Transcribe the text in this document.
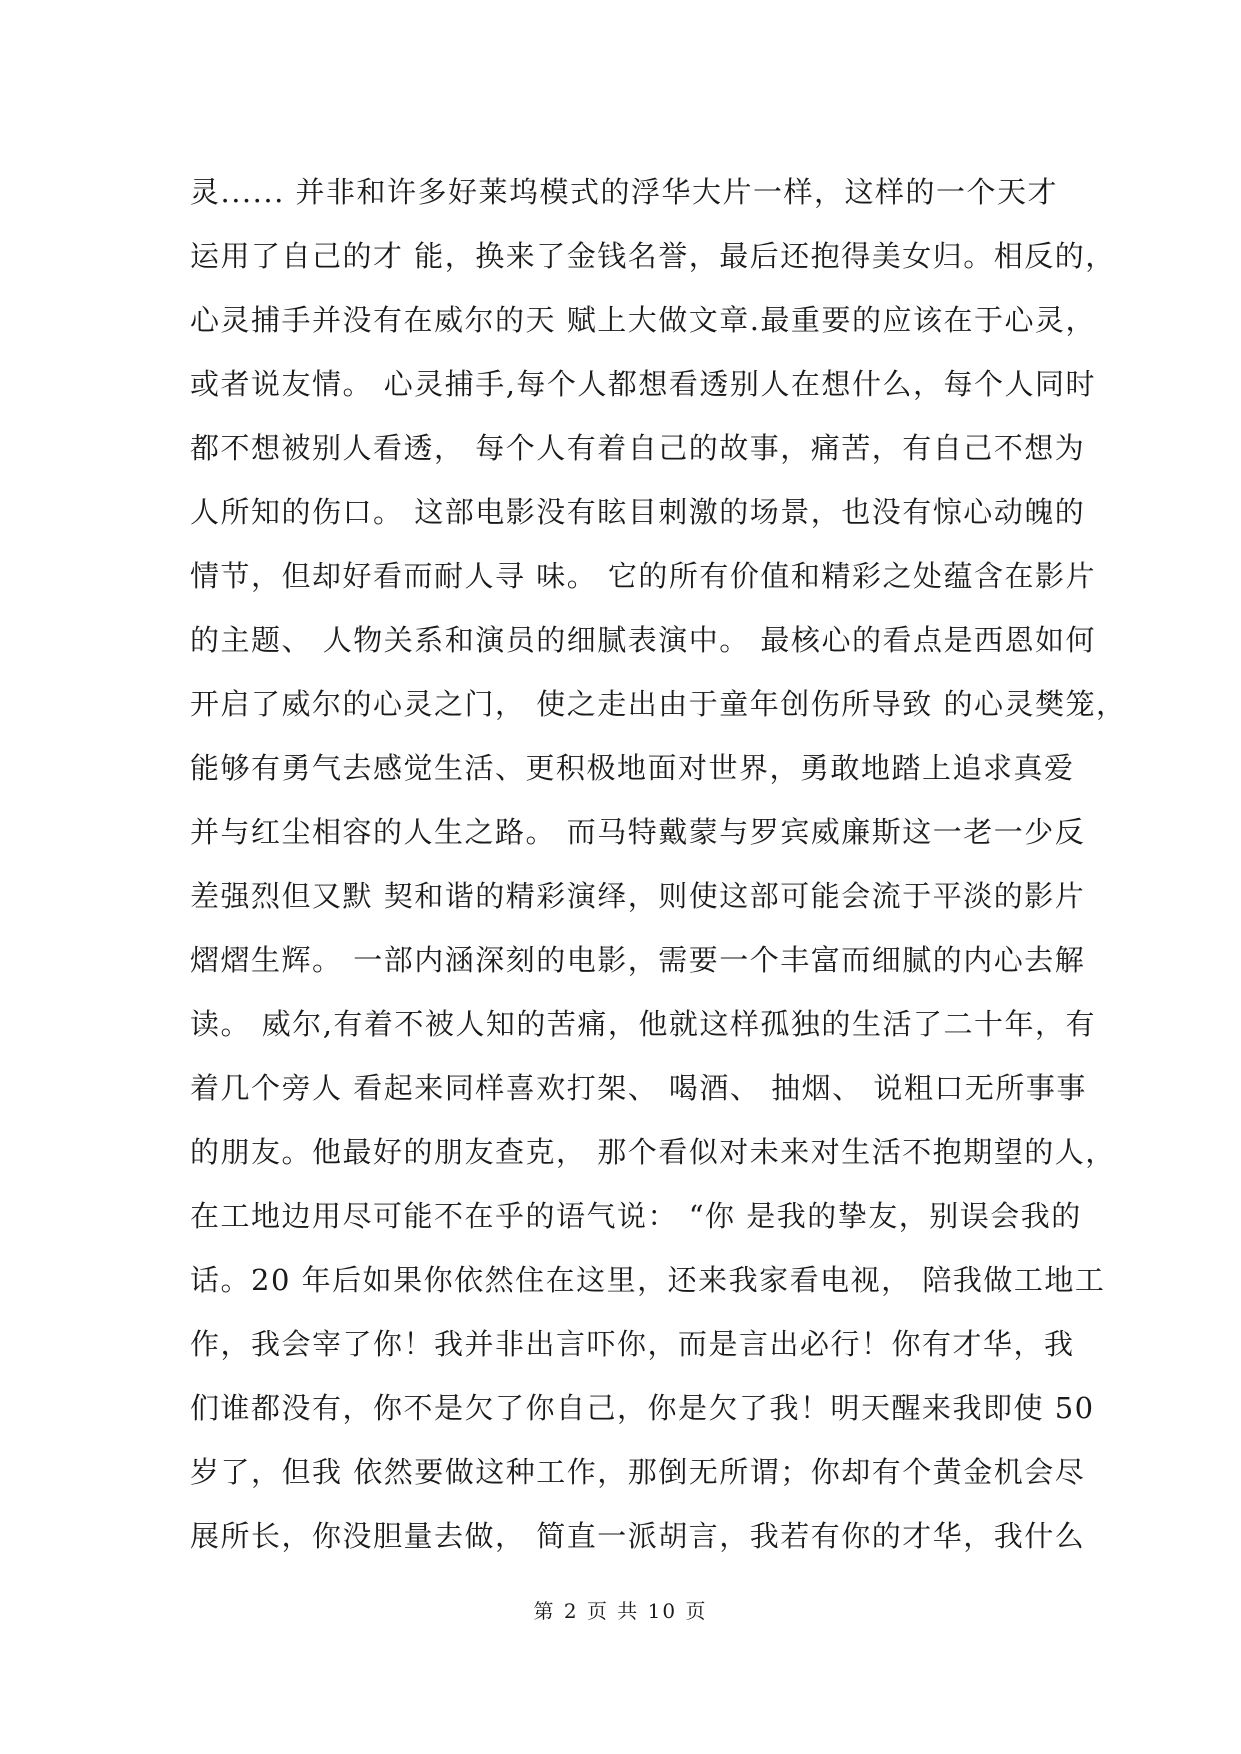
灵...... 并非和许多好莱坞模式的浮华大片一样，这样的一个天才
运用了自己的才 能，换来了金钱名誉，最后还抱得美女归。相反的，
心灵捕手并没有在威尔的天 赋上大做文章.最重要的应该在于心灵，
或者说友情。 心灵捕手,每个人都想看透别人在想什么，每个人同时
都不想被别人看透， 每个人有着自己的故事，痛苦，有自己不想为
人所知的伤口。 这部电影没有眩目刺激的场景，也没有惊心动魄的
情节，但却好看而耐人寻 味。 它的所有价值和精彩之处蕴含在影片
的主题、 人物关系和演员的细腻表演中。 最核心的看点是西恩如何
开启了威尔的心灵之门， 使之走出由于童年创伤所导致 的心灵樊笼，
能够有勇气去感觉生活、更积极地面对世界，勇敢地踏上追求真爱
并与红尘相容的人生之路。 而马特戴蒙与罗宾威廉斯这一老一少反
差强烈但又默 契和谐的精彩演绎，则使这部可能会流于平淡的影片
熠熠生辉。 一部内涵深刻的电影，需要一个丰富而细腻的内心去解
读。 威尔,有着不被人知的苦痛，他就这样孤独的生活了二十年，有
着几个旁人 看起来同样喜欢打架、 喝酒、 抽烟、 说粗口无所事事
的朋友。他最好的朋友查克， 那个看似对未来对生活不抱期望的人，
在工地边用尽可能不在乎的语气说： “你 是我的挚友，别误会我的
话。20 年后如果你依然住在这里，还来我家看电视， 陪我做工地工
作，我会宰了你！我并非出言吓你，而是言出必行！你有才华，我
们谁都没有，你不是欠了你自己，你是欠了我！明天醒来我即使 50
岁了，但我 依然要做这种工作，那倒无所谓；你却有个黄金机会尽
展所长，你没胆量去做， 简直一派胡言，我若有你的才华，我什么
第 2 页 共 10 页
